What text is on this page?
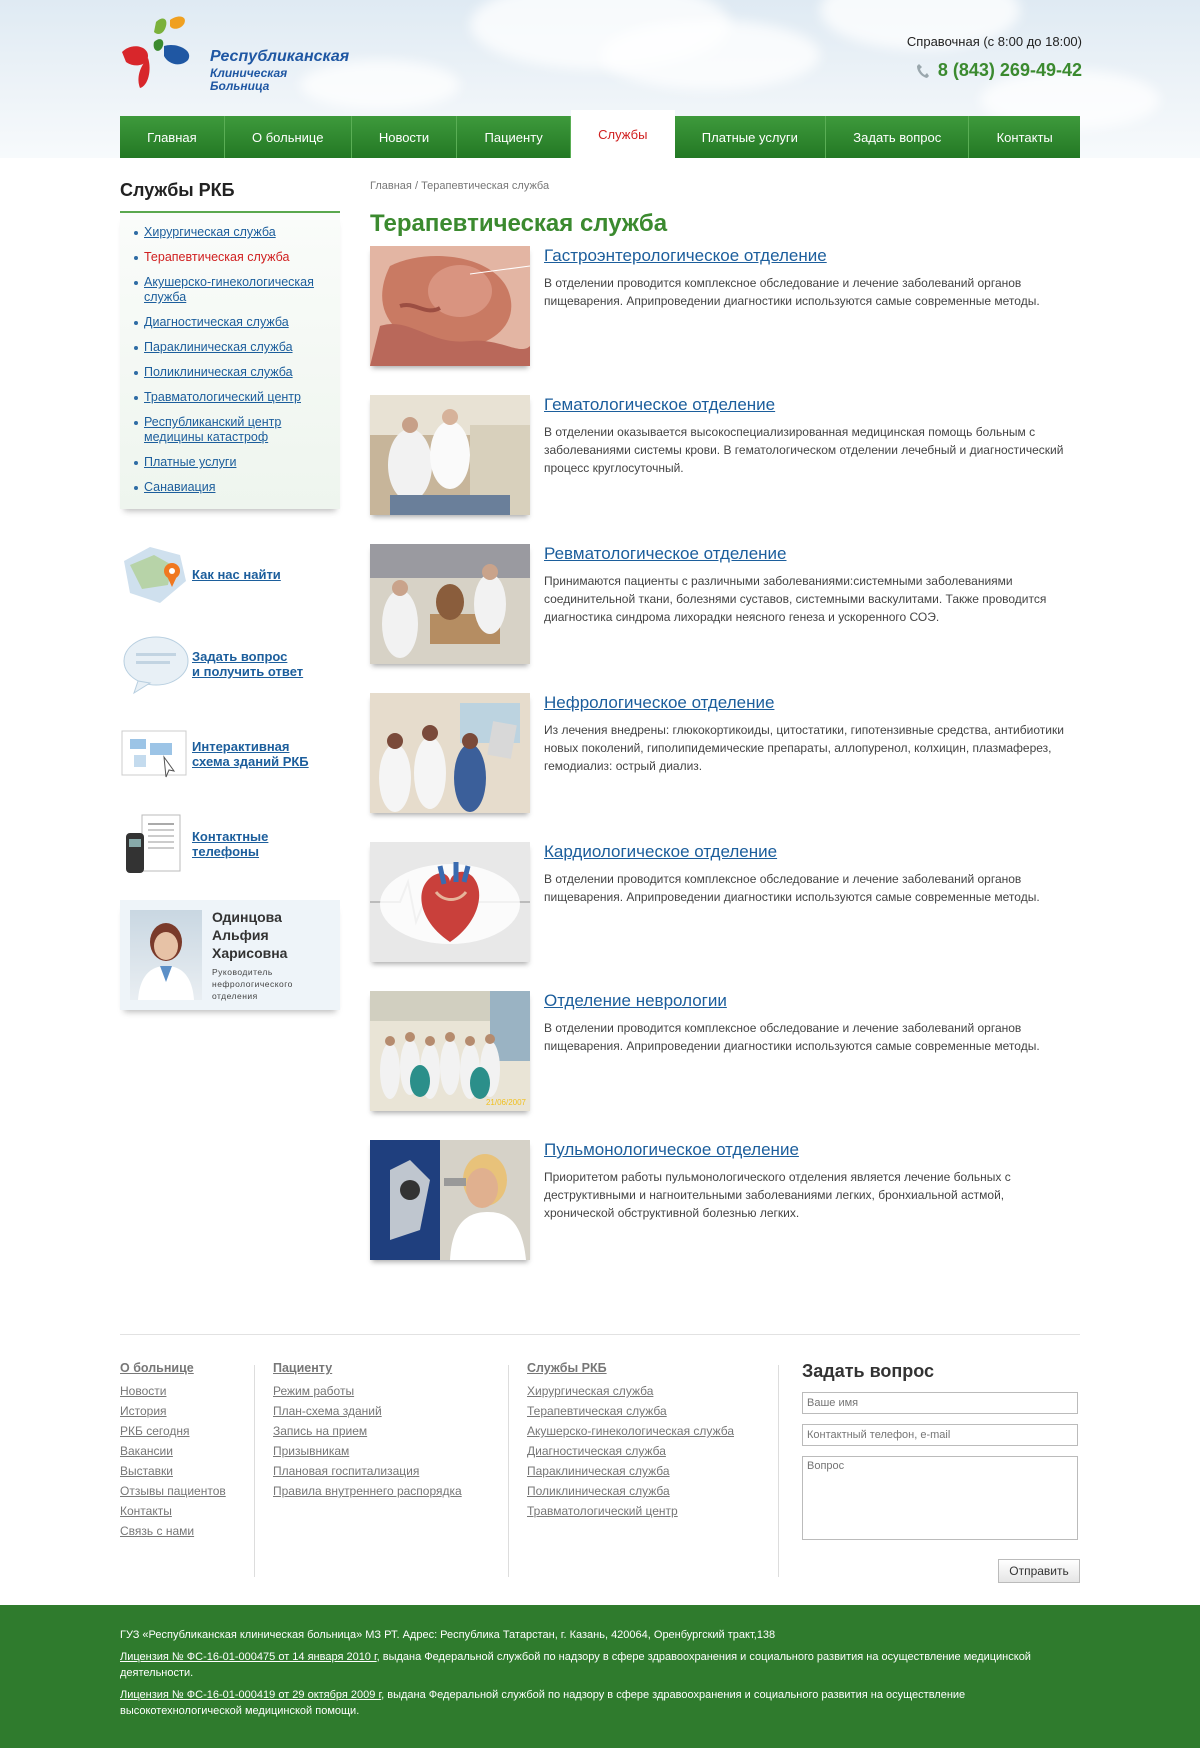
Республиканская
Клиническая
Больница
Справочная (с 8:00 до 18:00)
8 (843) 269-49-42
Главная	О больнице	Новости	Пациенту	Службы	Платные услуги	Задать вопрос	Контакты
Службы РКБ
Хирургическая служба
Терапевтическая служба
Акушерско-гинекологическая служба
Диагностическая служба
Параклиническая служба
Поликлиническая служба
Травматологический центр
Республиканский центр медицины катастроф
Платные услуги
Санавиация
Как нас найти
Задать вопрос
и получить ответ
Интерактивная
схема зданий РКБ
Контактные
телефоны
Одинцова
Альфия
Харисовна
Руководитель нефрологического отделения
Главная / Терапевтическая служба
Терапевтическая служба
Гастроэнтерологическое отделение

В отделении проводится комплексное обследование и лечение заболеваний органов пищеварения. Априпроведении диагностики используются самые современные методы.

Гематологическое отделение

В отделении оказывается высокоспециализированная медицинская помощь больным с заболеваниями системы крови. В гематологическом отделении лечебный и диагностический процесс круглосуточный.

Ревматологическое отделение

Принимаются пациенты с различными заболеваниями:системными заболеваниями соединительной ткани, болезнями суставов, системными васкулитами. Также проводится диагностика синдрома лихорадки неясного генеза и ускоренного СОЭ.

Нефрологическое отделение

Из лечения внедрены: глюкокортикоиды, цитостатики, гипотензивные средства, антибиотики новых поколений, гиполипидемические препараты, аллопуренол, колхицин, плазмаферез, гемодиализ: острый диализ.

Кардиологическое отделение

В отделении проводится комплексное обследование и лечение заболеваний органов пищеварения. Априпроведении диагностики используются самые современные методы.

21/06/2007
Отделение неврологии

В отделении проводится комплексное обследование и лечение заболеваний органов пищеварения. Априпроведении диагностики используются самые современные методы.

Пульмонологическое отделение

Приоритетом работы пульмонологического отделения является лечение больных с деструктивными и нагноительными заболеваниями легких, бронхиальной астмой, хронической обструктивной болезнью легких.

О больнице
Новости
История
РКБ сегодня
Вакансии
Выставки
Отзывы пациентов
Контакты
Связь с нами
Пациенту
Режим работы
План-схема зданий
Запись на прием
Призывникам
Плановая госпитализация
Правила внутреннего распорядка
Службы РКБ
Хирургическая служба
Терапевтическая служба
Акушерско-гинекологическая служба
Диагностическая служба
Параклиническая служба
Поликлиническая служба
Травматологический центр
Задать вопрос
Ваше имя
Контактный телефон, e-mail
Вопрос
Отправить
ГУЗ «Республиканская клиническая больница» МЗ РТ. Адрес: Республика Татарстан, г. Казань, 420064, Оренбургский тракт,138
Лицензия № ФС-16-01-000475 от 14 января 2010 г, выдана Федеральной службой по надзору в сфере здравоохранения и социального развития на осуществление медицинской деятельности.
Лицензия № ФС-16-01-000419 от 29 октября 2009 г, выдана Федеральной службой по надзору в сфере здравоохранения и социального развития на осуществление высокотехнологической медицинской помощи.
